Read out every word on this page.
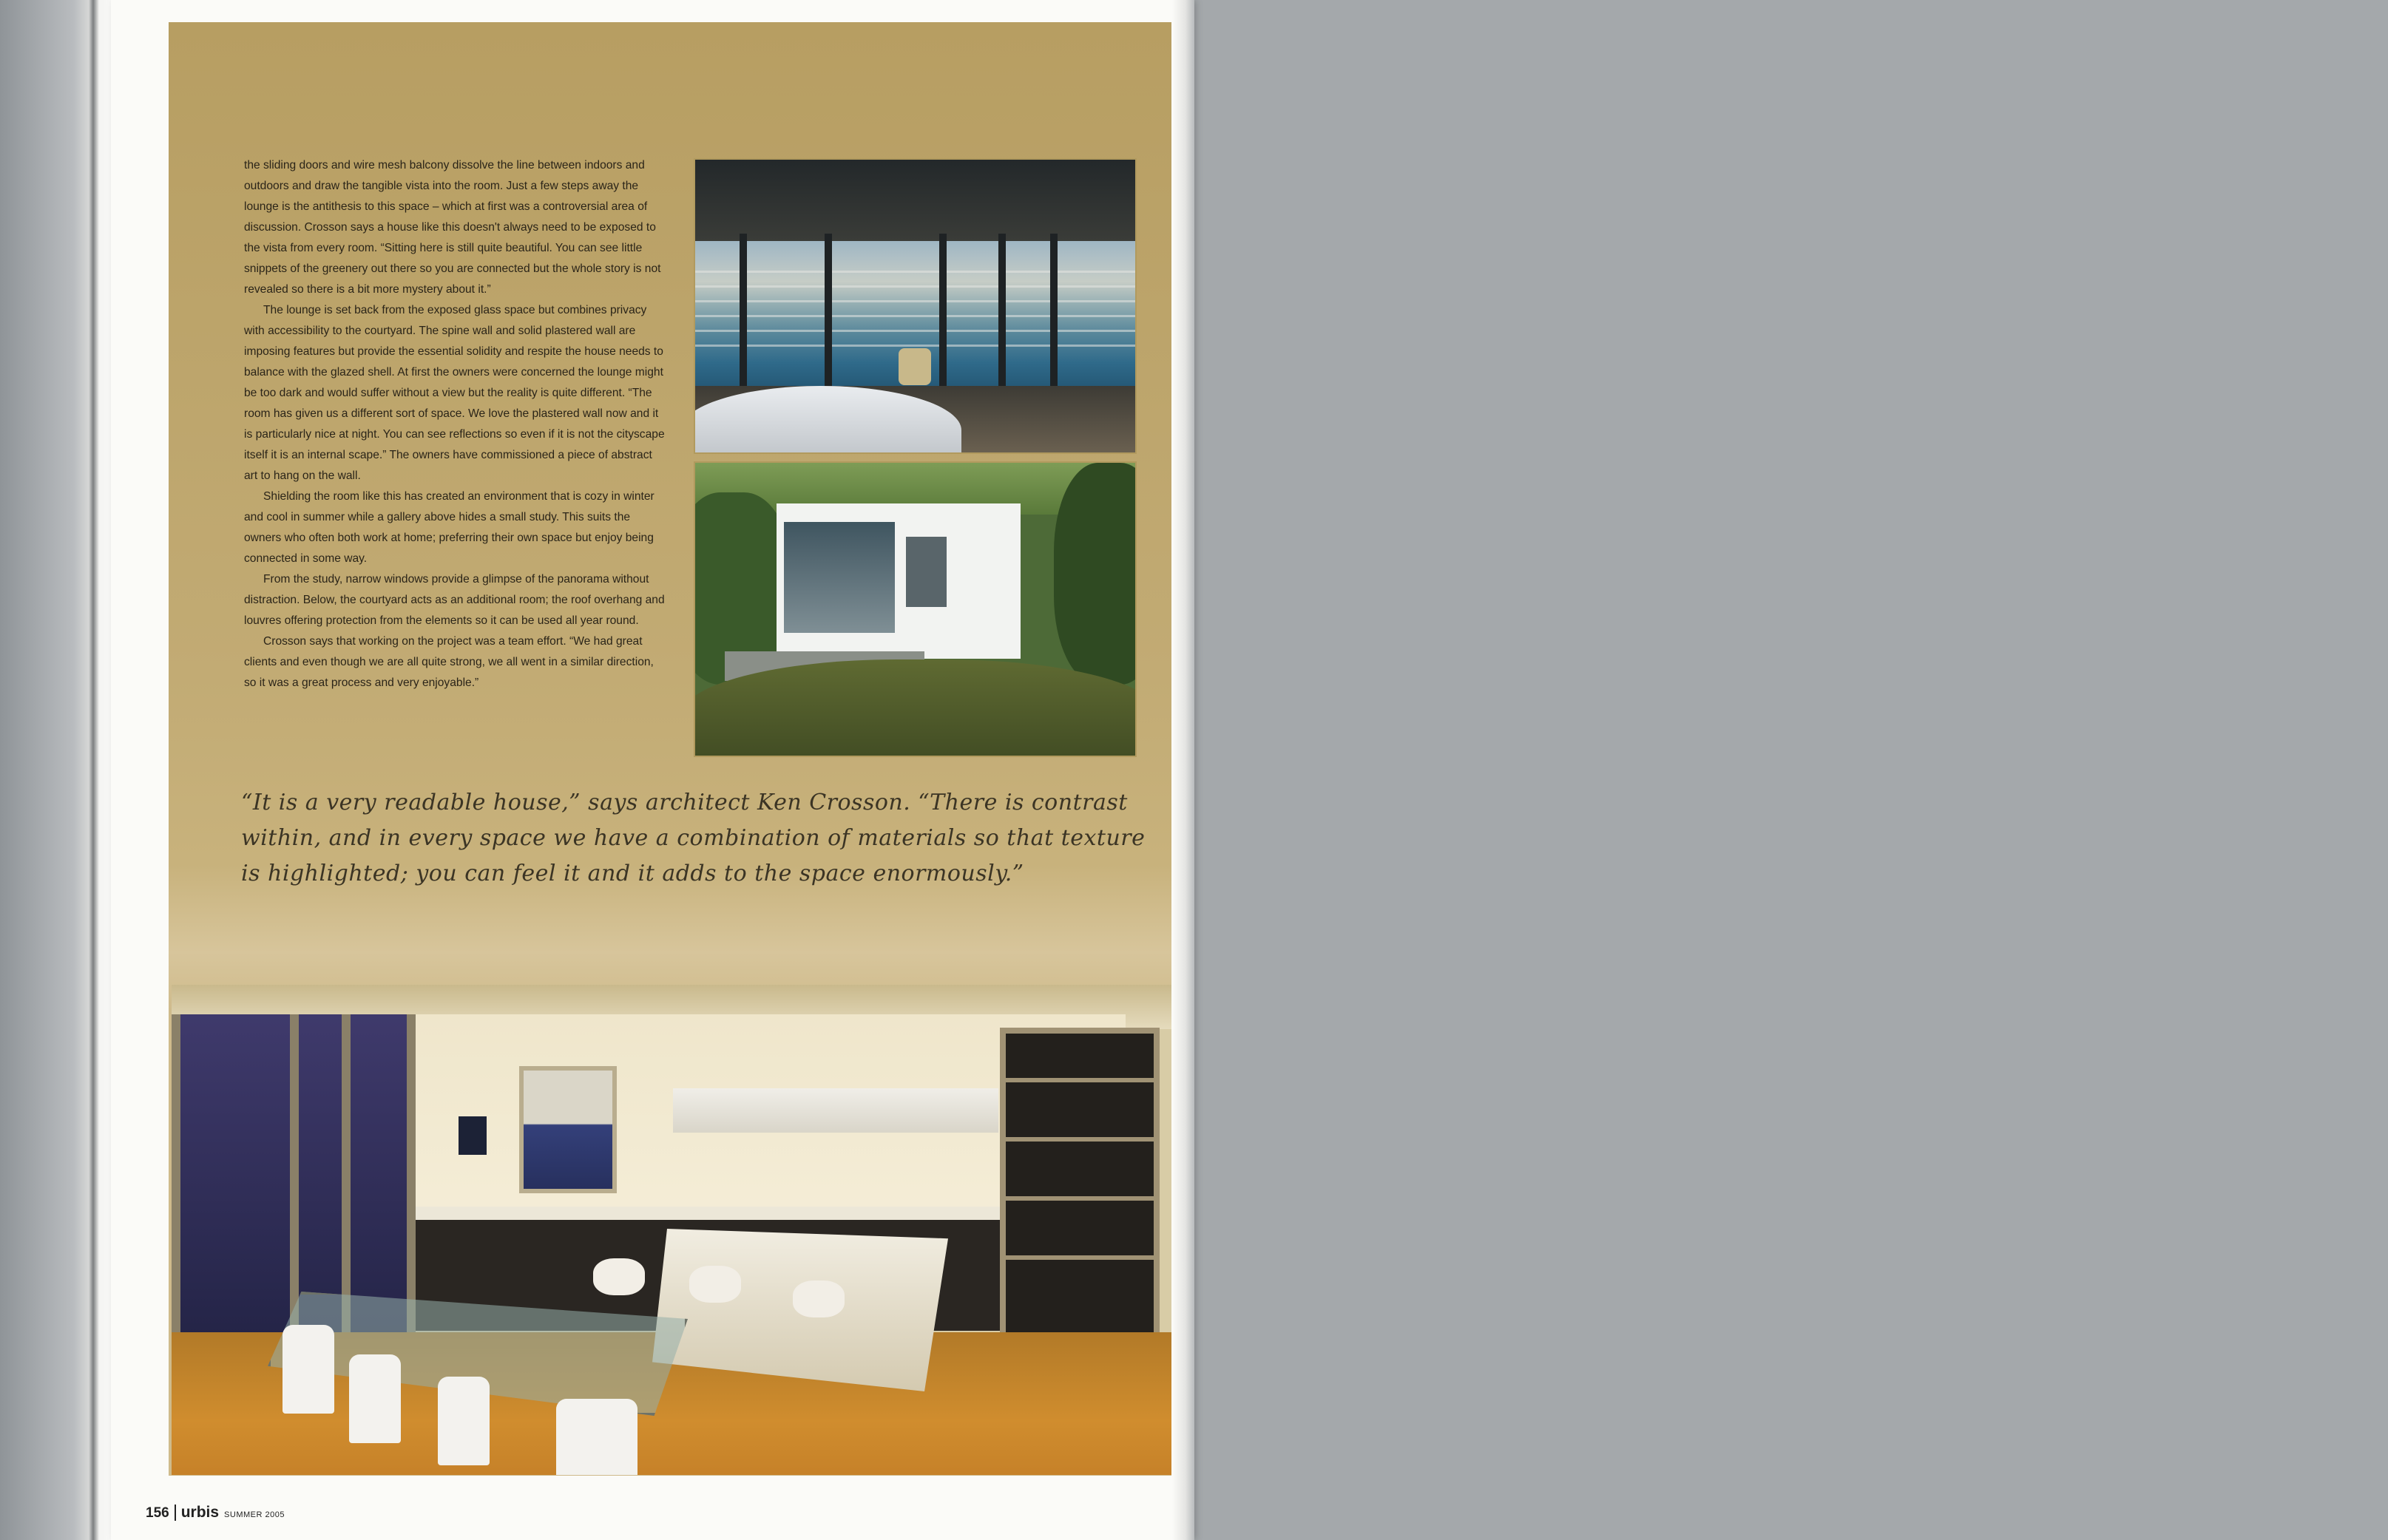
the sliding doors and wire mesh balcony dissolve the line between indoors and outdoors and draw the tangible vista into the room. Just a few steps away the lounge is the antithesis to this space – which at first was a controversial area of discussion. Crosson says a house like this doesn't always need to be exposed to the vista from every room. “Sitting here is still quite beautiful. You can see little snippets of the greenery out there so you are connected but the whole story is not revealed so there is a bit more mystery about it.”

The lounge is set back from the exposed glass space but combines privacy with accessibility to the courtyard. The spine wall and solid plastered wall are imposing features but provide the essential solidity and respite the house needs to balance with the glazed shell. At first the owners were concerned the lounge might be too dark and would suffer without a view but the reality is quite different. “The room has given us a different sort of space. We love the plastered wall now and it is particularly nice at night. You can see reflections so even if it is not the cityscape itself it is an internal scape.” The owners have commissioned a piece of abstract art to hang on the wall.

Shielding the room like this has created an environment that is cozy in winter and cool in summer while a gallery above hides a small study. This suits the owners who often both work at home; preferring their own space but enjoy being connected in some way.

From the study, narrow windows provide a glimpse of the panorama without distraction. Below, the courtyard acts as an additional room; the roof overhang and louvres offering protection from the elements so it can be used all year round.

Crosson says that working on the project was a team effort. “We had great clients and even though we are all quite strong, we all went in a similar direction, so it was a great process and very enjoyable.”

“It is a very readable house,” says architect Ken Crosson. “There is contrast within, and in every space we have a combination of materials so that texture is highlighted; you can feel it and it adds to the space enormously.”
156 urbis SUMMER 2005
